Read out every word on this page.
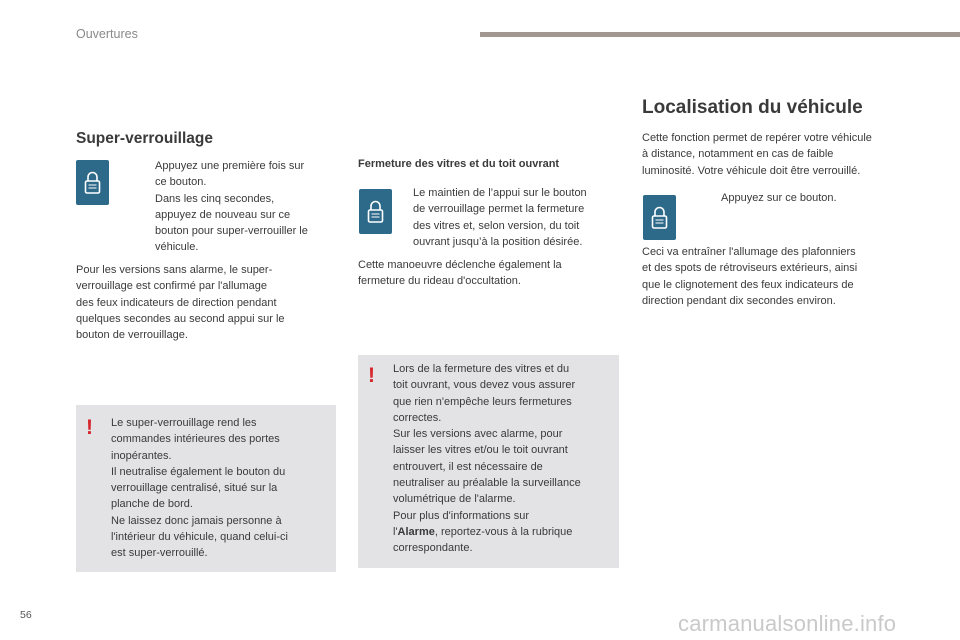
Ouvertures
Super-verrouillage
Appuyez une première fois sur
ce bouton.
Dans les cinq secondes,
appuyez de nouveau sur ce
bouton pour super-verrouiller le
véhicule.
Pour les versions sans alarme, le super-
verrouillage est confirmé par l'allumage
des feux indicateurs de direction pendant
quelques secondes au second appui sur le
bouton de verrouillage.
!	Le super-verrouillage rend les
commandes intérieures des portes
inopérantes.
Il neutralise également le bouton du
verrouillage centralisé, situé sur la
planche de bord.
Ne laissez donc jamais personne à
l'intérieur du véhicule, quand celui-ci
est super-verrouillé.
Fermeture des vitres et du toit ouvrant
Le maintien de l’appui sur le bouton
de verrouillage permet la fermeture
des vitres et, selon version, du toit
ouvrant jusqu’à la position désirée.
Cette manoeuvre déclenche également la
fermeture du rideau d'occultation.
!	Lors de la fermeture des vitres et du
toit ouvrant, vous devez vous assurer
que rien n'empêche leurs fermetures
correctes.
Sur les versions avec alarme, pour
laisser les vitres et/ou le toit ouvrant
entrouvert, il est nécessaire de
neutraliser au préalable la surveillance
volumétrique de l'alarme.
Pour plus d'informations sur
l'Alarme, reportez-vous à la rubrique
correspondante.
Localisation du véhicule
Cette fonction permet de repérer votre véhicule
à distance, notamment en cas de faible
luminosité. Votre véhicule doit être verrouillé.
Appuyez sur ce bouton.
Ceci va entraîner l'allumage des plafonniers
et des spots de rétroviseurs extérieurs, ainsi
que le clignotement des feux indicateurs de
direction pendant dix secondes environ.
56	carmanualsonline.info
